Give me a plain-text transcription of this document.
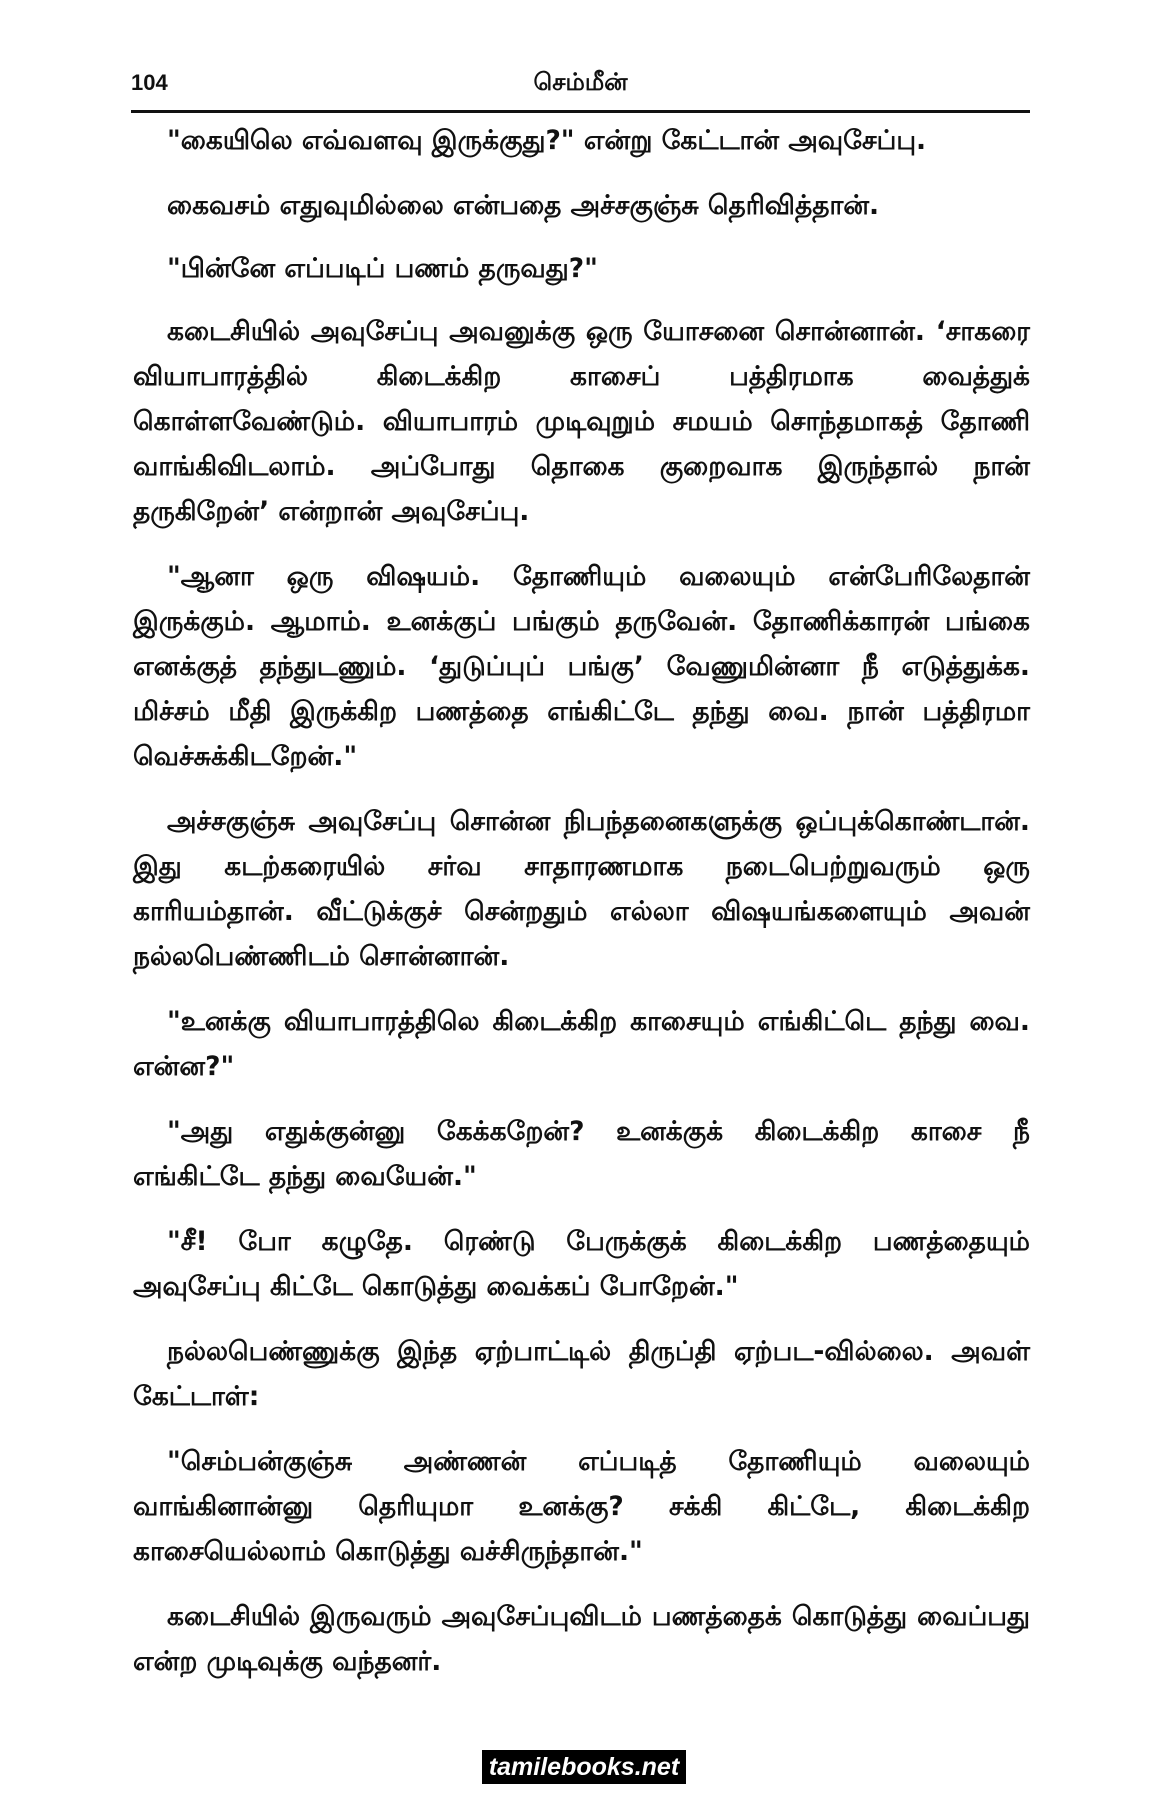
104	செம்மீன்

"கையிலெ எவ்வளவு இருக்குது?" என்று கேட்டான் அவுசேப்பு.

கைவசம் எதுவுமில்லை என்பதை அச்சகுஞ்சு தெரிவித்தான்.

"பின்னே எப்படிப் பணம் தருவது?"

கடைசியில் அவுசேப்பு அவனுக்கு ஒரு யோசனை சொன்னான். ‘சாகரை வியாபாரத்தில் கிடைக்கிற காசைப் பத்திரமாக வைத்துக் கொள்ளவேண்டும். வியாபாரம் முடிவுறும் சமயம் சொந்தமாகத் தோணி வாங்கிவிடலாம். அப்போது தொகை குறைவாக இருந்தால் நான் தருகிறேன்’ என்றான் அவுசேப்பு.

"ஆனா ஒரு விஷயம். தோணியும் வலையும் என்பேரிலேதான் இருக்கும். ஆமாம். உனக்குப் பங்கும் தருவேன். தோணிக்காரன் பங்கை எனக்குத் தந்துடணும். ‘துடுப்புப் பங்கு’ வேணுமின்னா நீ எடுத்துக்க. மிச்சம் மீதி இருக்கிற பணத்தை எங்கிட்டே தந்து வை. நான் பத்திரமா வெச்சுக்கிடறேன்."

அச்சகுஞ்சு அவுசேப்பு சொன்ன நிபந்தனைகளுக்கு ஒப்புக்கொண்டான். இது கடற்கரையில் சர்வ சாதாரணமாக நடைபெற்றுவரும் ஒரு காரியம்தான். வீட்டுக்குச் சென்றதும் எல்லா விஷயங்களையும் அவன் நல்லபெண்ணிடம் சொன்னான்.

"உனக்கு வியாபாரத்திலெ கிடைக்கிற காசையும் எங்கிட்டெ தந்து வை. என்ன?"

"அது எதுக்குன்னு கேக்கறேன்? உனக்குக் கிடைக்கிற காசை நீ எங்கிட்டே தந்து வையேன்."

"சீ! போ கழுதே. ரெண்டு பேருக்குக் கிடைக்கிற பணத்தையும் அவுசேப்பு கிட்டே கொடுத்து வைக்கப் போறேன்."

நல்லபெண்ணுக்கு இந்த ஏற்பாட்டில் திருப்தி ஏற்பட-வில்லை. அவள் கேட்டாள்:

"செம்பன்குஞ்சு அண்ணன் எப்படித் தோணியும் வலையும் வாங்கினான்னு தெரியுமா உனக்கு? சக்கி கிட்டே, கிடைக்கிற காசையெல்லாம் கொடுத்து வச்சிருந்தான்."

கடைசியில் இருவரும் அவுசேப்புவிடம் பணத்தைக் கொடுத்து வைப்பது என்ற முடிவுக்கு வந்தனர்.

tamilebooks.net
